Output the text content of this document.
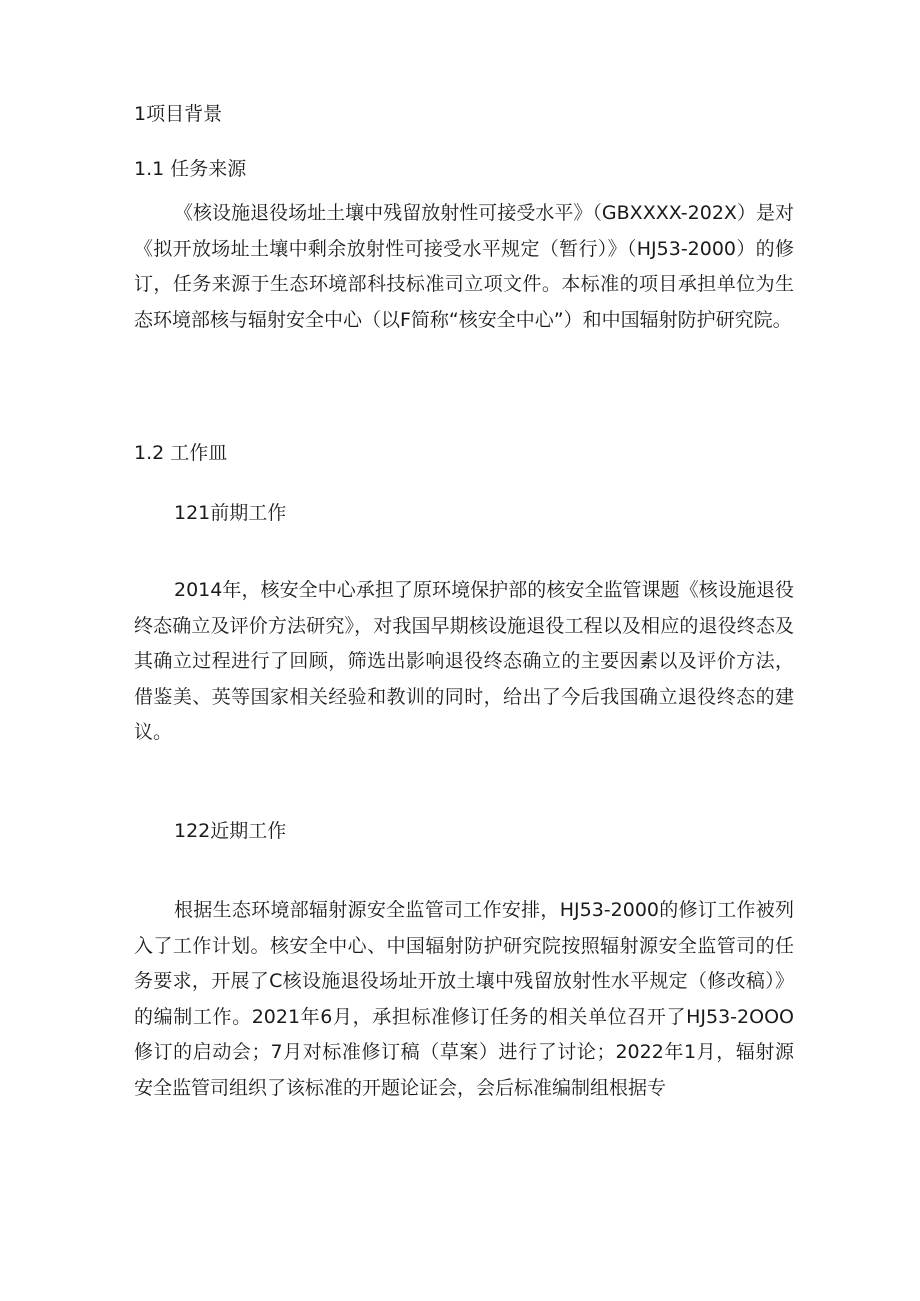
1项目背景
1.1 任务来源

《核设施退役场址土壤中残留放射性可接受水平》（GBXXXX-202X）是对《拟开放场址土壤中剩余放射性可接受水平规定（暂行）》（HJ53-2000）的修订，任务来源于生态环境部科技标准司立项文件。本标准的项目承担单位为生态环境部核与辐射安全中心（以F简称“核安全中心”）和中国辐射防护研究院。

1.2 工作皿
121前期工作

2014年，核安全中心承担了原环境保护部的核安全监管课题《核设施退役终态确立及评价方法研究》，对我国早期核设施退役工程以及相应的退役终态及其确立过程进行了回顾，筛选出影响退役终态确立的主要因素以及评价方法，借鉴美、英等国家相关经验和教训的同时，给出了今后我国确立退役终态的建议。

122近期工作

根据生态环境部辐射源安全监管司工作安排，HJ53-2000的修订工作被列入了工作计划。核安全中心、中国辐射防护研究院按照辐射源安全监管司的任务要求，开展了C核设施退役场址开放土壤中残留放射性水平规定（修改稿）》的编制工作。2021年6月，承担标准修订任务的相关单位召开了HJ53-2OOO修订的启动会；7月对标准修订稿（草案）进行了讨论；2022年1月，辐射源安全监管司组织了该标准的开题论证会，会后标准编制组根据专
